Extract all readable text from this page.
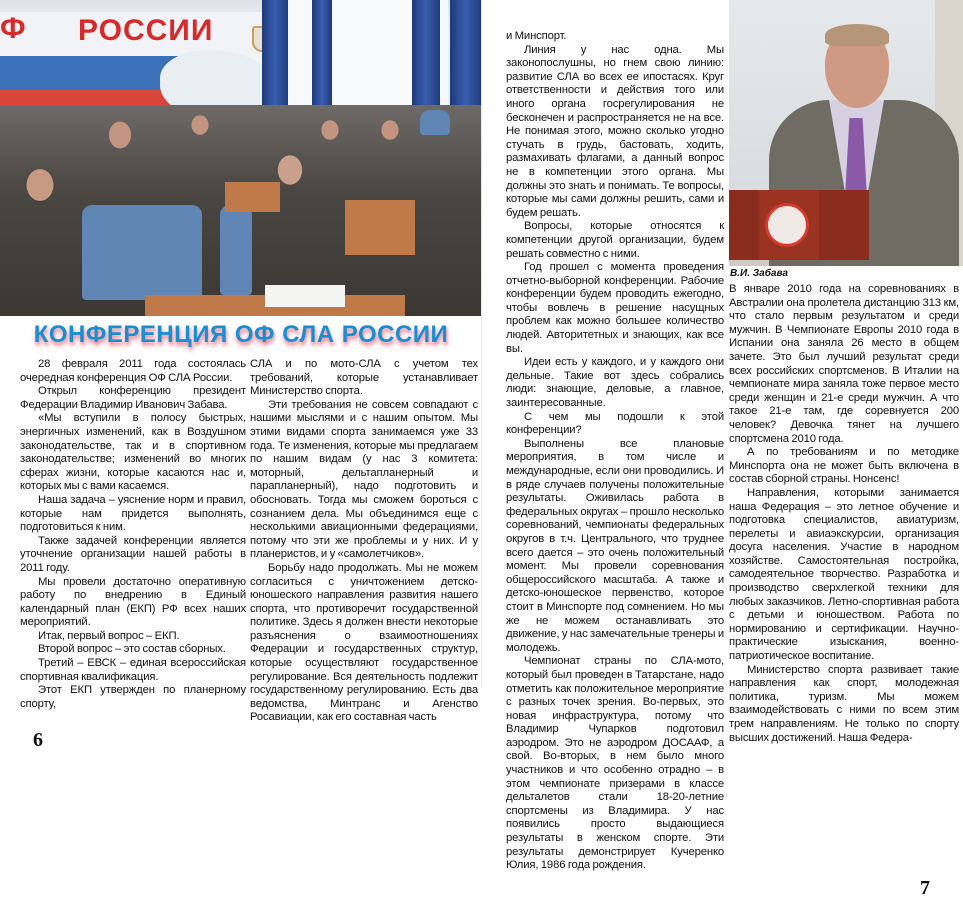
Ф РОССИИ
КОНФЕРЕНЦИЯ ОФ СЛА РОССИИ

28 февраля 2011 года состоялась очередная конференция ОФ СЛА России.

Открыл конференцию президент Федерации Владимир Иванович Забава.

«Мы вступили в полосу быстрых, энергичных изменений, как в Воздушном законодательстве, так и в спортивном законодательстве; изменений во многих сферах жизни, которые касаются нас и, которых мы с вами касаемся.

Наша задача – уяснение норм и правил, которые нам придется выполнять, подготовиться к ним.

Также задачей конференции является уточнение организации нашей работы в 2011 году.

Мы провели достаточно оперативную работу по внедрению в Единый календарный план (ЕКП) РФ всех наших мероприятий.

Итак, первый вопрос – ЕКП.

Второй вопрос – это состав сборных.

Третий – ЕВСК – единая всероссийская спортивная квалификация.

Этот ЕКП утвержден по планерному спорту,

СЛА и по мото-СЛА с учетом тех требований, которые устанавливает Министерство спорта.

Эти требования не совсем совпадают с нашими мыслями и с нашим опытом. Мы этими видами спорта занимаемся уже 33 года. Те изменения, которые мы предлагаем по нашим видам (у нас 3 комитета: моторный, дельтапланерный и парапланерный), надо подготовить и обосновать. Тогда мы сможем бороться с сознанием дела. Мы объединимся еще с несколькими авиационными федерациями, потому что эти же проблемы и у них. И у планеристов, и у «самолетчиков».

Борьбу надо продолжать. Мы не можем согласиться с уничтожением детско-юношеского направления развития нашего спорта, что противоречит государственной политике. Здесь я должен внести некоторые разъяснения о взаимоотношениях Федерации и государственных структур, которые осуществляют государственное регулирование. Вся деятельность подлежит государственному регулированию. Есть два ведомства, Минтранс и Агенство Росавиации, как его составная часть

6

и Минспорт.

Линия у нас одна. Мы законопослушны, но гнем свою линию: развитие СЛА во всех ее ипостасях. Круг ответственности и действия того или иного органа госрегулирования не бесконечен и распространяется не на все. Не понимая этого, можно сколько угодно стучать в грудь, бастовать, ходить, размахивать флагами, а данный вопрос не в компетенции этого органа. Мы должны это знать и понимать. Те вопросы, которые мы сами должны решить, сами и будем решать.

Вопросы, которые относятся к компетенции другой организации, будем решать совместно с ними.

Год прошел с момента проведения отчетно-выборной конференции. Рабочие конференции будем проводить ежегодно, чтобы вовлечь в решение насущных проблем как можно большее количество людей. Авторитетных и знающих, как все вы.

Идеи есть у каждого, и у каждого они дельные. Такие вот здесь собрались люди: знающие, деловые, а главное, заинтересованные.

С чем мы подошли к этой конференции?

Выполнены все плановые мероприятия, в том числе и международные, если они проводились. И в ряде случаев получены положительные результаты. Оживилась работа в федеральных округах – прошло несколько соревнований, чемпионаты федеральных округов в т.ч. Центрального, что труднее всего дается – это очень положительный момент. Мы провели соревнования общероссийского масштаба. А также и детско-юношеское первенство, которое стоит в Минспорте под сомнением. Но мы же не можем останавливать это движение, у нас замечательные тренеры и молодежь.

Чемпионат страны по СЛА-мото, который был проведен в Татарстане, надо отметить как положительное мероприятие с разных точек зрения. Во-первых, это новая инфраструктура, потому что Владимир Чупарков подготовил аэродром. Это не аэродром ДОСААФ, а свой. Во-вторых, в нем было много участников и что особенно отрадно – в этом чемпионате призерами в классе дельталетов стали 18-20-летние спортсмены из Владимира. У нас появились просто выдающиеся результаты в женском спорте. Эти результаты демонстрирует Кучеренко Юлия, 1986 года рождения.

В.И. Забава

В январе 2010 года на соревнованиях в Австралии она пролетела дистанцию 313 км, что стало первым результатом и среди мужчин. В Чемпионате Европы 2010 года в Испании она заняла 26 место в общем зачете. Это был лучший результат среди всех российских спортсменов. В Италии на чемпионате мира заняла тоже первое место среди женщин и 21-е среди мужчин. А что такое 21-е там, где соревнуется 200 человек? Девочка тянет на лучшего спортсмена 2010 года.

А по требованиям и по методике Минспорта она не может быть включена в состав сборной страны. Нонсенс!

Направления, которыми занимается наша Федерация – это летное обучение и подготовка специалистов, авиатуризм, перелеты и авиаэкскурсии, организация досуга населения. Участие в народном хозяйстве. Самостоятельная постройка, самодеятельное творчество. Разработка и производство сверхлегкой техники для любых заказчиков. Летно-спортивная работа с детьми и юношеством. Работа по нормированию и сертификации. Научно-практические изыскания, военно-патриотическое воспитание.

Министерство спорта развивает такие направления как спорт, молодежная политика, туризм. Мы можем взаимодействовать с ними по всем этим трем направлениям. Не только по спорту высших достижений. Наша Федера-

7
